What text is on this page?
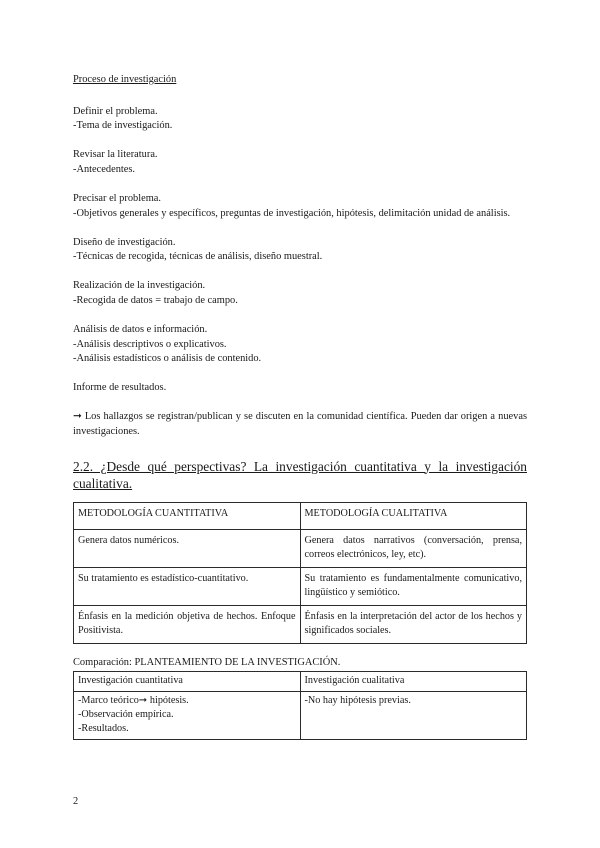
Proceso de investigación

Definir el problema.

-Tema de investigación.

Revisar la literatura.

-Antecedentes.

Precisar el problema.

-Objetivos generales y específicos, preguntas de investigación, hipótesis, delimitación unidad de análisis.

Diseño de investigación.

-Técnicas de recogida, técnicas de análisis, diseño muestral.

Realización de la investigación.

-Recogida de datos = trabajo de campo.

Análisis de datos e información.

-Análisis descriptivos o explicativos.

-Análisis estadísticos o análisis de contenido.

Informe de resultados.

➞ Los hallazgos se registran/publican y se discuten en la comunidad científica. Pueden dar origen a nuevas investigaciones.

2.2. ¿Desde qué perspectivas? La investigación cuantitativa y la investigación cualitativa.
METODOLOGÍA CUANTITATIVA	METODOLOGÍA CUALITATIVA
Genera datos numéricos.	Genera datos narrativos (conversación, prensa, correos electrónicos, ley, etc).
Su tratamiento es estadístico-cuantitativo.	Su tratamiento es fundamentalmente comunicativo, lingüístico y semiótico.
Énfasis en la medición objetiva de hechos. Enfoque Positivista.	Énfasis en la interpretación del actor de los hechos y significados sociales.
Comparación: PLANTEAMIENTO DE LA INVESTIGACIÓN.
Investigación cuantitativa	Investigación cualitativa

-Marco teórico➞ hipótesis.
-Observación empírica.
-Resultados.	-No hay hipótesis previas.
2
